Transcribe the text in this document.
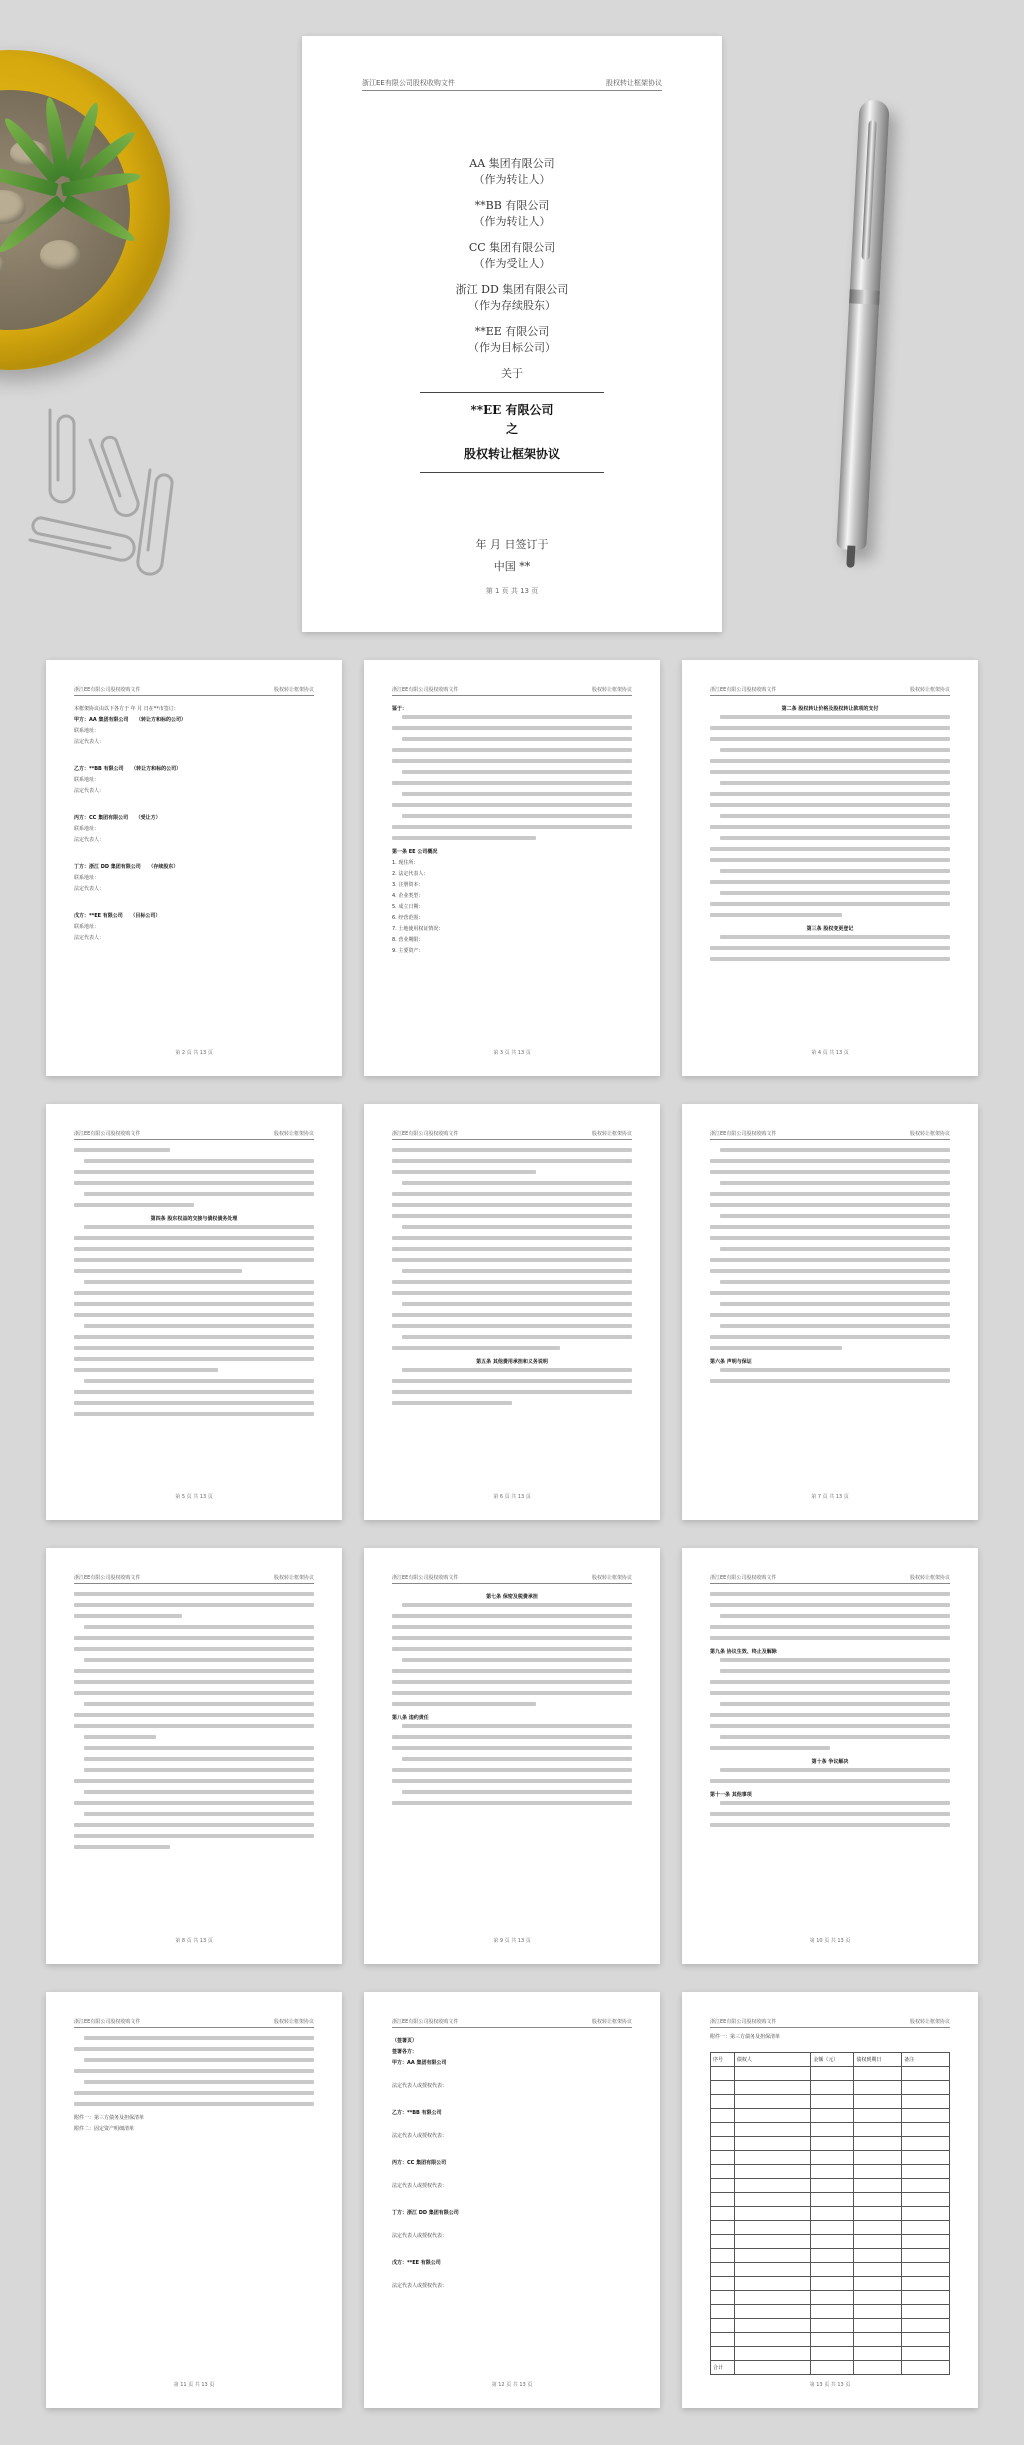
浙江EE有限公司股权收购文件	股权转让框架协议
AA 集团有限公司
（作为转让人）
**BB 有限公司
（作为转让人）
CC 集团有限公司
（作为受让人）
浙江 DD 集团有限公司
（作为存续股东）
**EE 有限公司
（作为目标公司）
关于
**EE 有限公司
之
股权转让框架协议
年 月 日签订于
中国 **
第 1 页 共 13 页
浙江EE有限公司股权收购文件	股权转让框架协议

本框架协议由以下各方于 年 月 日在**市签订：

甲方：AA 集团有限公司　　 （转让方和标的公司）

联系地址：

法定代表人：

乙方：**BB 有限公司　　 （转让方和标的公司）

联系地址：

法定代表人：

丙方：CC 集团有限公司　　 （受让方）

联系地址：

法定代表人：

丁方：浙江 DD 集团有限公司　　 （存续股东）

联系地址：

法定代表人：

戊方：**EE 有限公司　　 （目标公司）

联系地址：

法定代表人：

第 2 页 共 13 页
浙江EE有限公司股权收购文件	股权转让框架协议

鉴于：

第一条 EE 公司概况

1. 现住所：

2. 法定代表人：

3. 注册资本：

4. 企业类型：

5. 成立日期：

6. 经营范围：

7. 土地使用权证情况：

8. 营业期限：

9. 主要资产：

第 3 页 共 13 页
浙江EE有限公司股权收购文件	股权转让框架协议

第二条 股权转让价格及股权转让款项的支付

第三条 股权变更登记

第 4 页 共 13 页
浙江EE有限公司股权收购文件	股权转让框架协议

第四条 股东权益的交接与债权债务处理

第 5 页 共 13 页
浙江EE有限公司股权收购文件	股权转让框架协议

第五条 其他费用承担和义务说明

第 6 页 共 13 页
浙江EE有限公司股权收购文件	股权转让框架协议

第六条 声明与保证

第 7 页 共 13 页
浙江EE有限公司股权收购文件	股权转让框架协议
第 8 页 共 13 页
浙江EE有限公司股权收购文件	股权转让框架协议

第七条 保密及税费承担

第八条 违约责任

第 9 页 共 13 页
浙江EE有限公司股权收购文件	股权转让框架协议

第九条 协议生效、终止及解除

第十条 争议解决

第十一条 其他事项

第 10 页 共 13 页
浙江EE有限公司股权收购文件	股权转让框架协议

附件一：第三方债务及担保清单

附件二：固定资产明细清单

第 11 页 共 13 页
浙江EE有限公司股权收购文件	股权转让框架协议

（签署页）

签署各方：

甲方：AA 集团有限公司

法定代表人或授权代表：

乙方：**BB 有限公司

法定代表人或授权代表：

丙方：CC 集团有限公司

法定代表人或授权代表：

丁方：浙江 DD 集团有限公司

法定代表人或授权代表：

戊方：**EE 有限公司

法定代表人或授权代表：

第 12 页 共 13 页
浙江EE有限公司股权收购文件	股权转让框架协议

附件一：第三方债务及担保清单

序号	债权人	金额（元）	债权到期日	备注

合计				
第 13 页 共 13 页
